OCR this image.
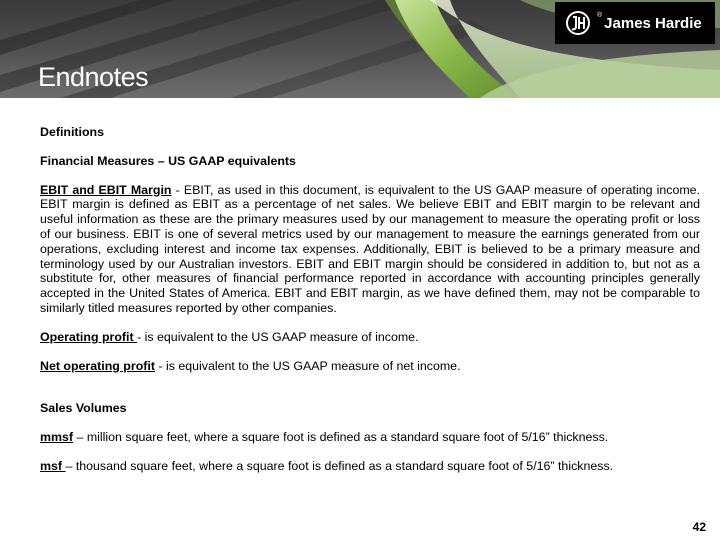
Endnotes
® James Hardie
Definitions
Financial Measures – US GAAP equivalents
EBIT and EBIT Margin - EBIT, as used in this document, is equivalent to the US GAAP measure of operating income. EBIT margin is defined as EBIT as a percentage of net sales. We believe EBIT and EBIT margin to be relevant and useful information as these are the primary measures used by our management to measure the operating profit or loss of our business. EBIT is one of several metrics used by our management to measure the earnings generated from our operations, excluding interest and income tax expenses. Additionally, EBIT is believed to be a primary measure and terminology used by our Australian investors. EBIT and EBIT margin should be considered in addition to, but not as a substitute for, other measures of financial performance reported in accordance with accounting principles generally accepted in the United States of America. EBIT and EBIT margin, as we have defined them, may not be comparable to similarly titled measures reported by other companies.
Operating profit - is equivalent to the US GAAP measure of income.
Net operating profit - is equivalent to the US GAAP measure of net income.
Sales Volumes
mmsf – million square feet, where a square foot is defined as a standard square foot of 5/16” thickness.
msf – thousand square feet, where a square foot is defined as a standard square foot of 5/16” thickness.
42
